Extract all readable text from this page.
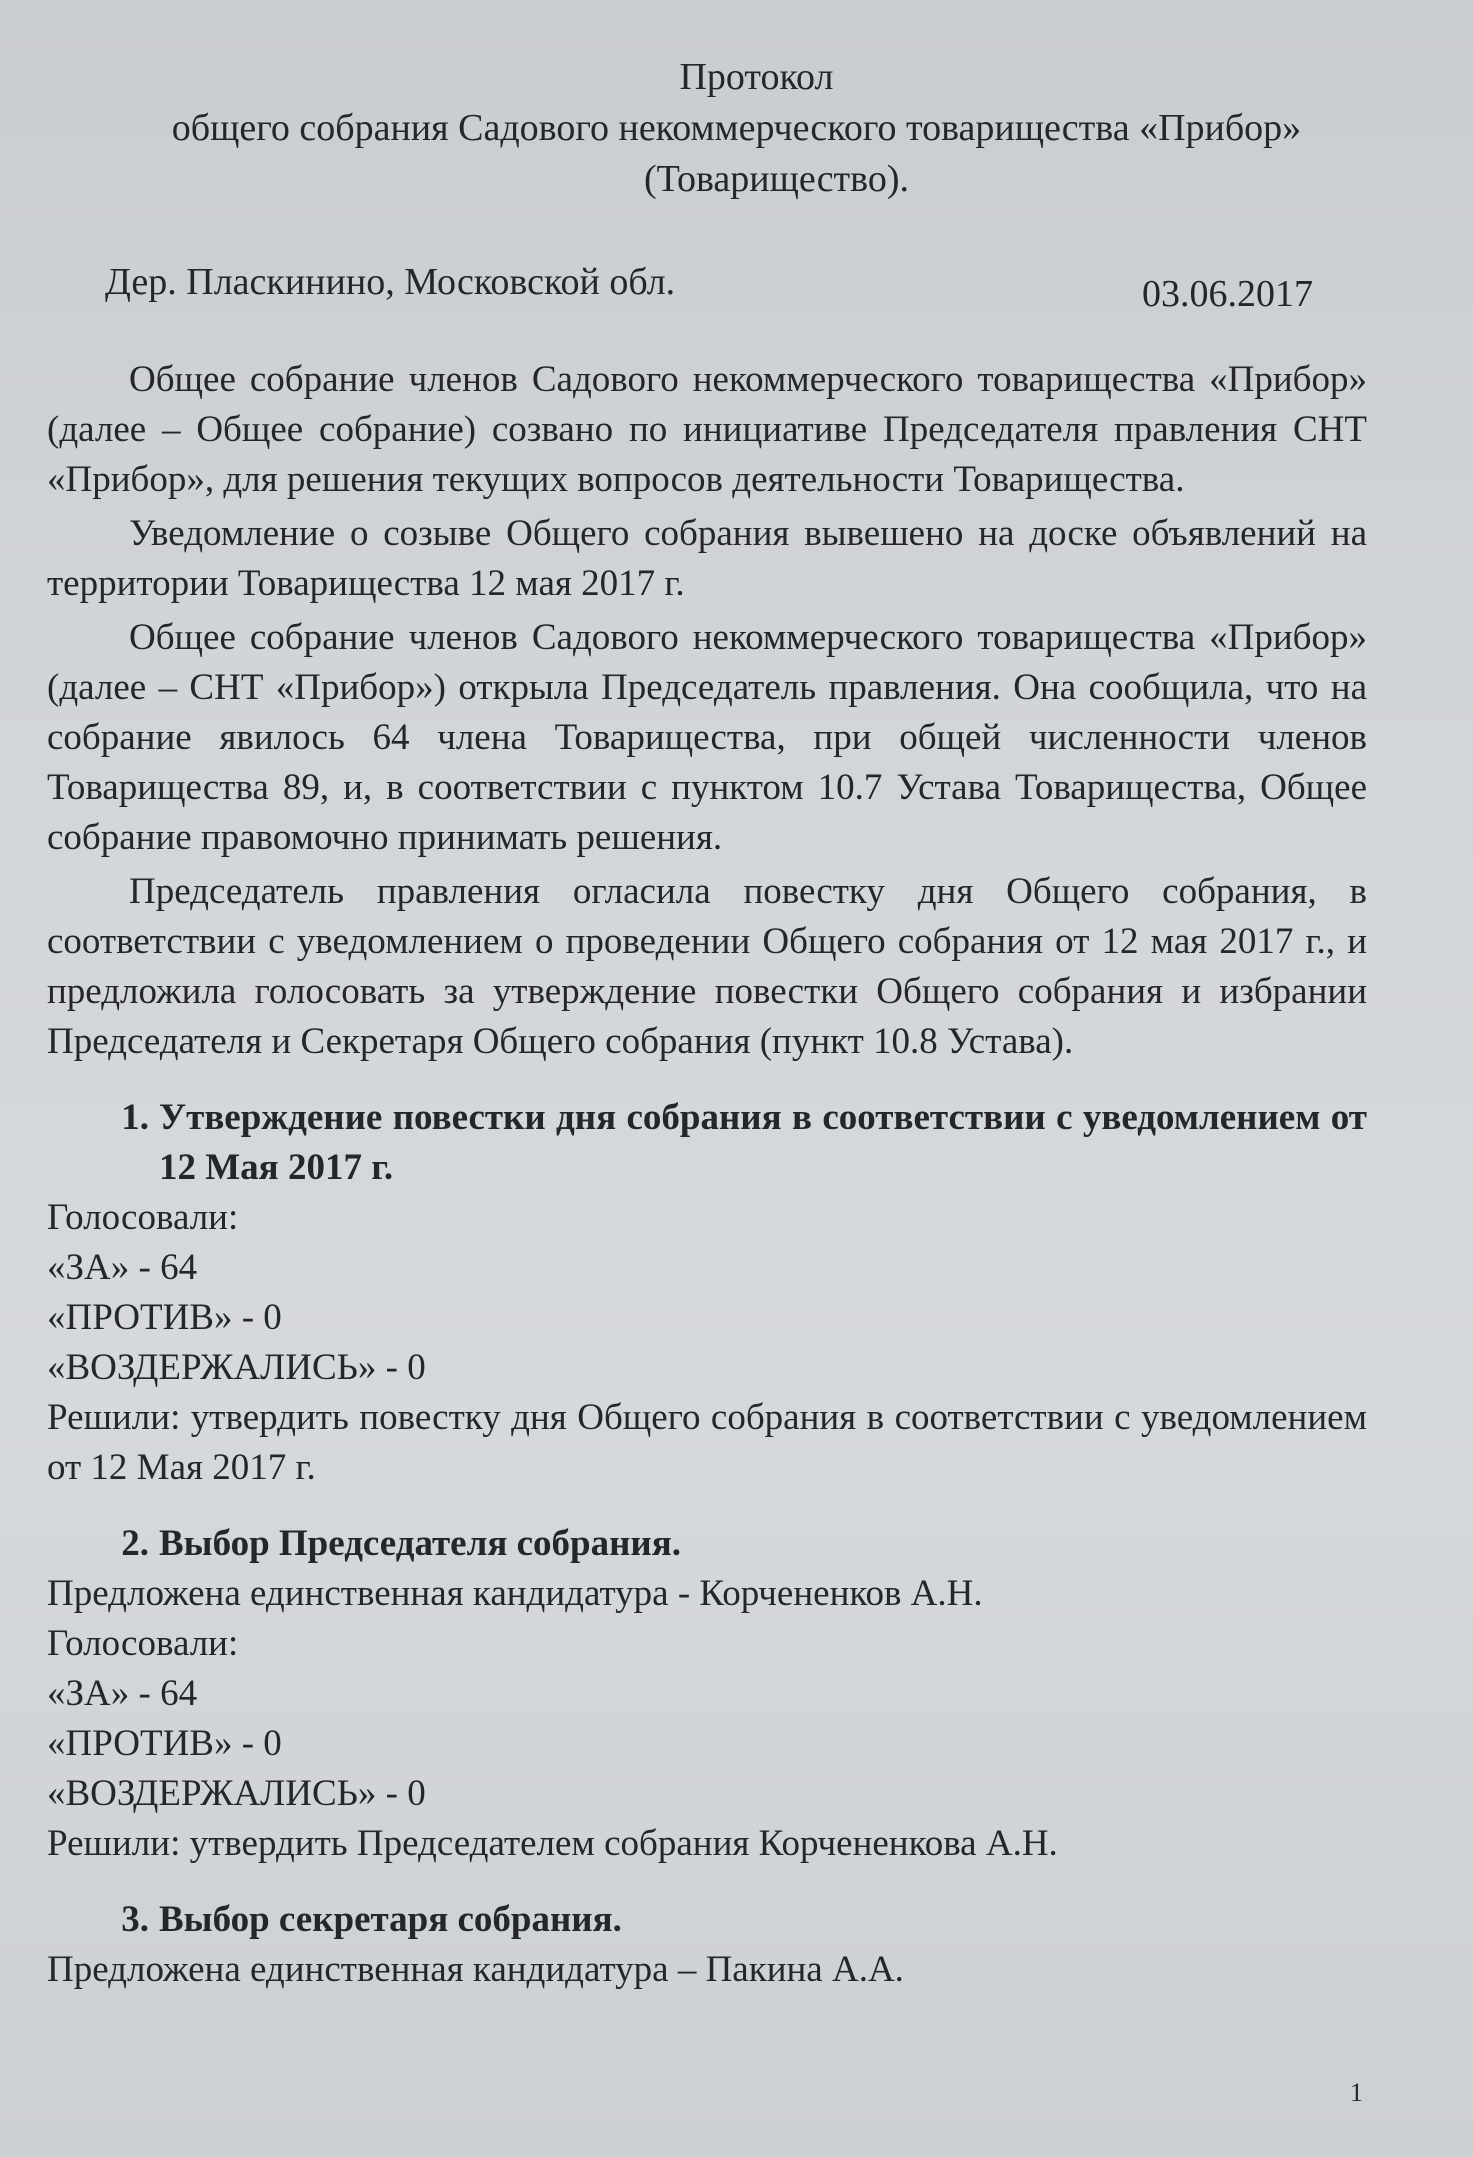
Протокол
общего собрания Садового некоммерческого товарищества «Прибор»
(Товарищество).
Дер. Пласкинино, Московской обл.	03.06.2017

Общее собрание членов Садового некоммерческого товарищества «Прибор» (далее – Общее собрание) созвано по инициативе Председателя правления СНТ «Прибор», для решения текущих вопросов деятельности Товарищества.

Уведомление о созыве Общего собрания вывешено на доске объявлений на территории Товарищества 12 мая 2017 г.

Общее собрание членов Садового некоммерческого товарищества «Прибор» (далее – СНТ «Прибор») открыла Председатель правления. Она сообщила, что на собрание явилось 64 члена Товарищества, при общей численности членов Товарищества 89, и, в соответствии с пунктом 10.7 Устава Товарищества, Общее собрание правомочно принимать решения.

Председатель правления огласила повестку дня Общего собрания, в соответствии с уведомлением о проведении Общего собрания от 12 мая 2017 г., и предложила голосовать за утверждение повестки Общего собрания и избрании Председателя и Секретаря Общего собрания (пункт 10.8 Устава).

1. Утверждение повестки дня собрания в соответствии с уведомлением от 12 Мая 2017 г.

Голосовали:

«ЗА» - 64

«ПРОТИВ» - 0

«ВОЗДЕРЖАЛИСЬ» - 0

Решили: утвердить повестку дня Общего собрания в соответствии с уведомлением от 12 Мая 2017 г.

2. Выбор Председателя собрания.

Предложена единственная кандидатура - Корчененков А.Н.

Голосовали:

«ЗА» - 64

«ПРОТИВ» - 0

«ВОЗДЕРЖАЛИСЬ» - 0

Решили: утвердить Председателем собрания Корчененкова А.Н.

3. Выбор секретаря собрания.

Предложена единственная кандидатура – Пакина А.А.

1
